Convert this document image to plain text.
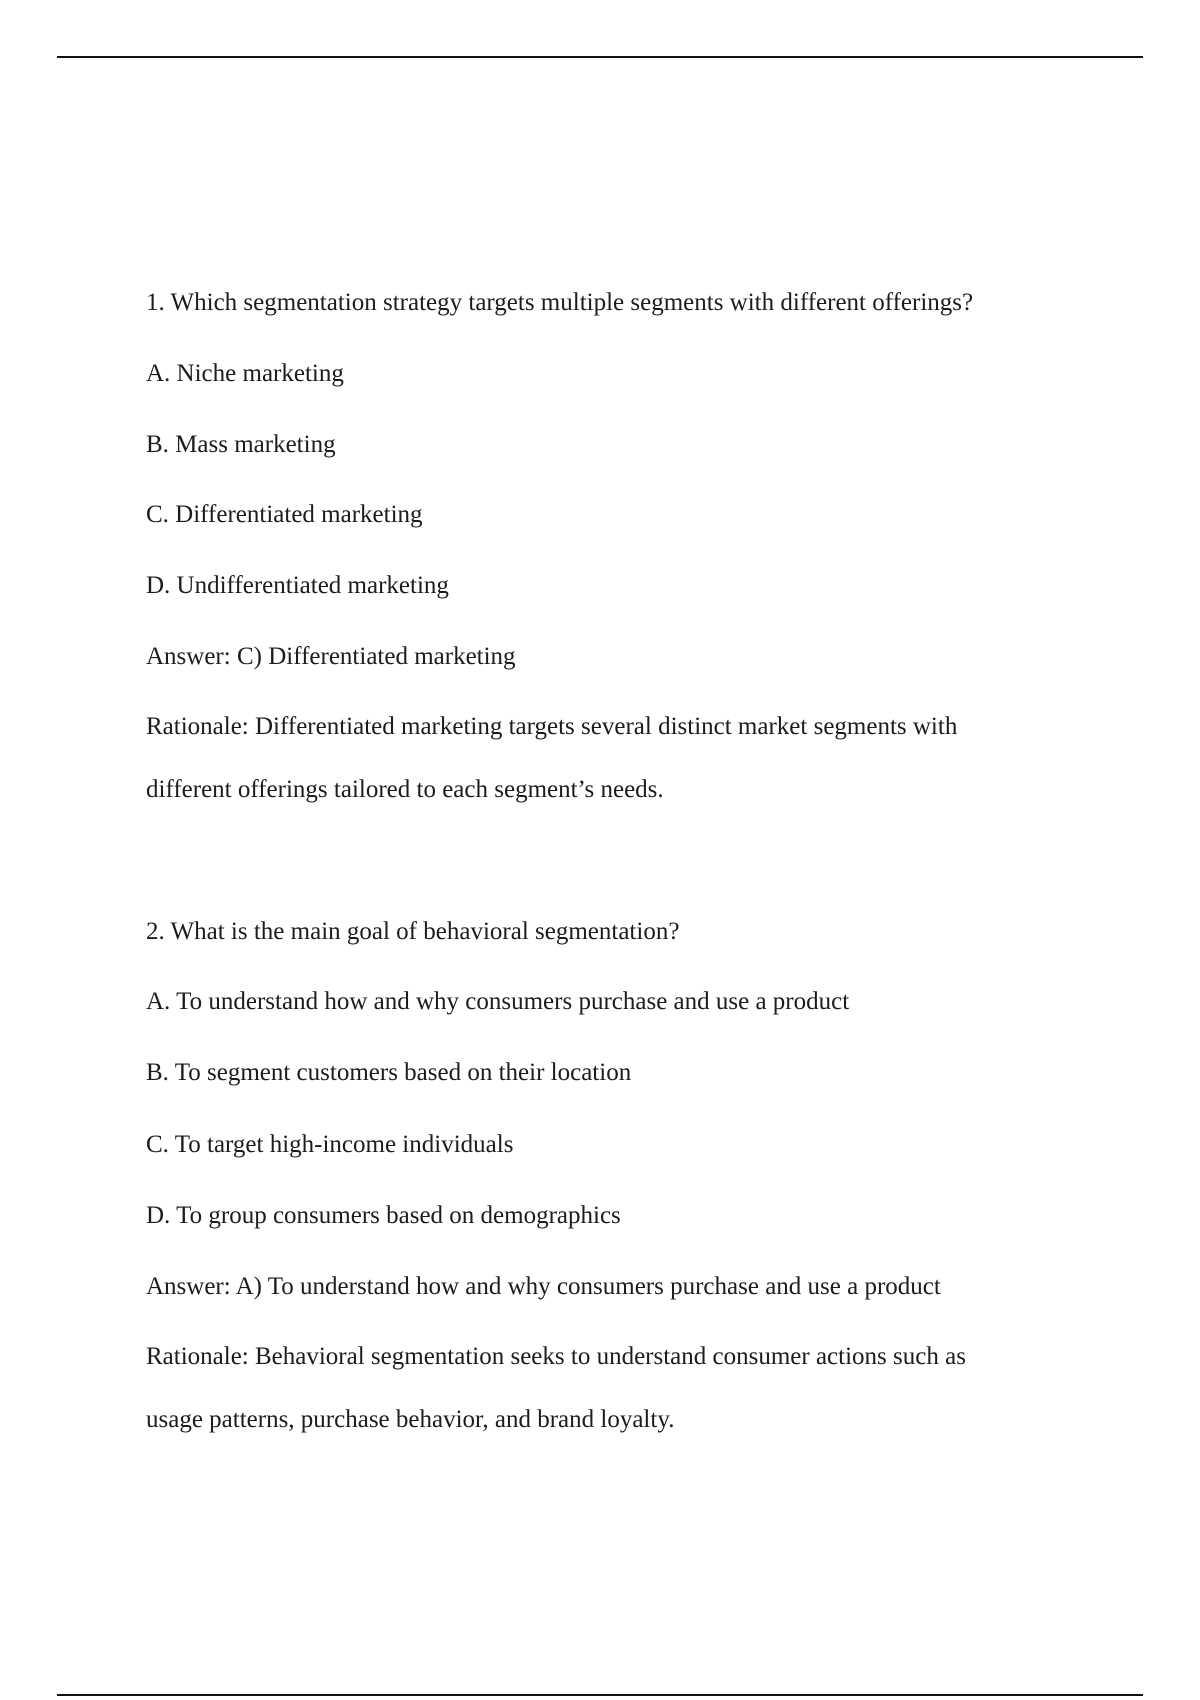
1. Which segmentation strategy targets multiple segments with different offerings?

A. Niche marketing

B. Mass marketing

C. Differentiated marketing

D. Undifferentiated marketing

Answer: C) Differentiated marketing

Rationale: Differentiated marketing targets several distinct market segments with

different offerings tailored to each segment’s needs.

2. What is the main goal of behavioral segmentation?

A. To understand how and why consumers purchase and use a product

B. To segment customers based on their location

C. To target high-income individuals

D. To group consumers based on demographics

Answer: A) To understand how and why consumers purchase and use a product

Rationale: Behavioral segmentation seeks to understand consumer actions such as

usage patterns, purchase behavior, and brand loyalty.
